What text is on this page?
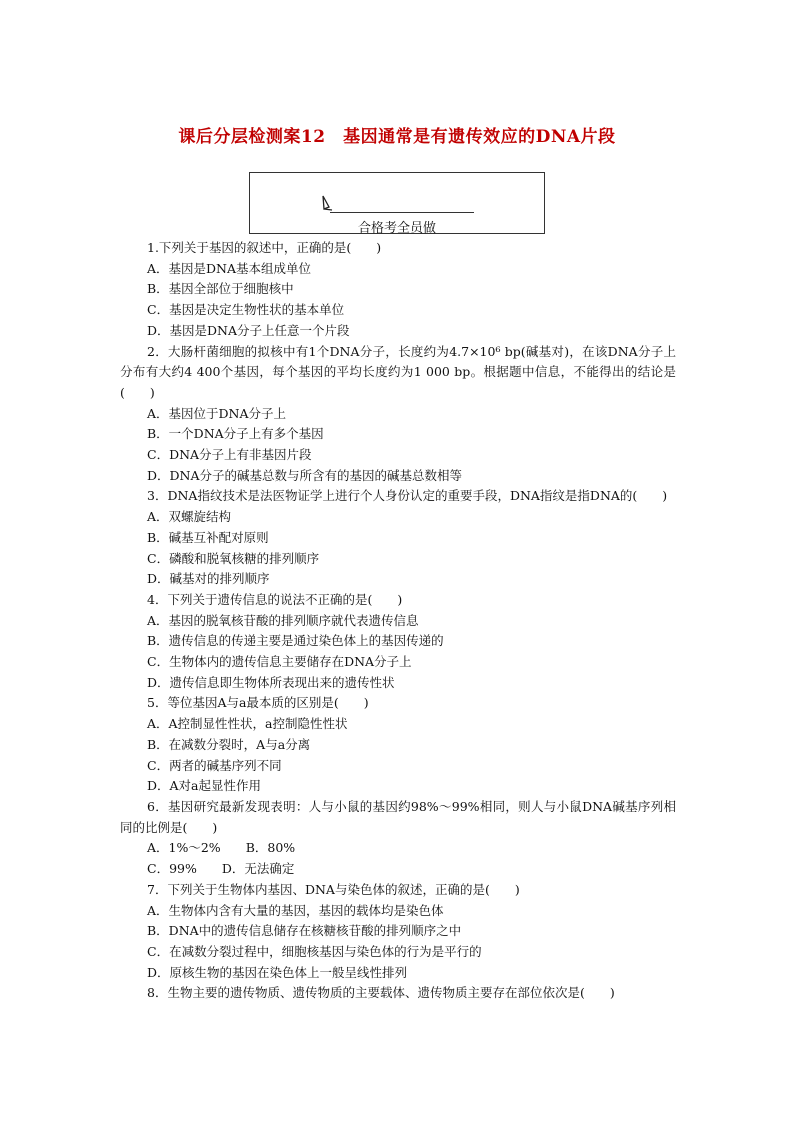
课后分层检测案12　基因通常是有遗传效应的DNA片段
合格考全员做

1.下列关于基因的叙述中，正确的是(　　)

A．基因是DNA基本组成单位

B．基因全部位于细胞核中

C．基因是决定生物性状的基本单位

D．基因是DNA分子上任意一个片段

2．大肠杆菌细胞的拟核中有1个DNA分子，长度约为4.7×10⁶ bp(碱基对)，在该DNA分子上分布有大约4 400个基因，每个基因的平均长度约为1 000 bp。根据题中信息，不能得出的结论是(　　)

A．基因位于DNA分子上

B．一个DNA分子上有多个基因

C．DNA分子上有非基因片段

D．DNA分子的碱基总数与所含有的基因的碱基总数相等

3．DNA指纹技术是法医物证学上进行个人身份认定的重要手段，DNA指纹是指DNA的(　　)

A．双螺旋结构

B．碱基互补配对原则

C．磷酸和脱氧核糖的排列顺序

D．碱基对的排列顺序

4．下列关于遗传信息的说法不正确的是(　　)

A．基因的脱氧核苷酸的排列顺序就代表遗传信息

B．遗传信息的传递主要是通过染色体上的基因传递的

C．生物体内的遗传信息主要储存在DNA分子上

D．遗传信息即生物体所表现出来的遗传性状

5．等位基因A与a最本质的区别是(　　)

A．A控制显性性状，a控制隐性性状

B．在减数分裂时，A与a分离

C．两者的碱基序列不同

D．A对a起显性作用

6．基因研究最新发现表明：人与小鼠的基因约98%～99%相同，则人与小鼠DNA碱基序列相同的比例是(　　)

A．1%～2%　　B．80%

C．99%　　D．无法确定

7．下列关于生物体内基因、DNA与染色体的叙述，正确的是(　　)

A．生物体内含有大量的基因，基因的载体均是染色体

B．DNA中的遗传信息储存在核糖核苷酸的排列顺序之中

C．在减数分裂过程中，细胞核基因与染色体的行为是平行的

D．原核生物的基因在染色体上一般呈线性排列

8．生物主要的遗传物质、遗传物质的主要载体、遗传物质主要存在部位依次是(　　)
